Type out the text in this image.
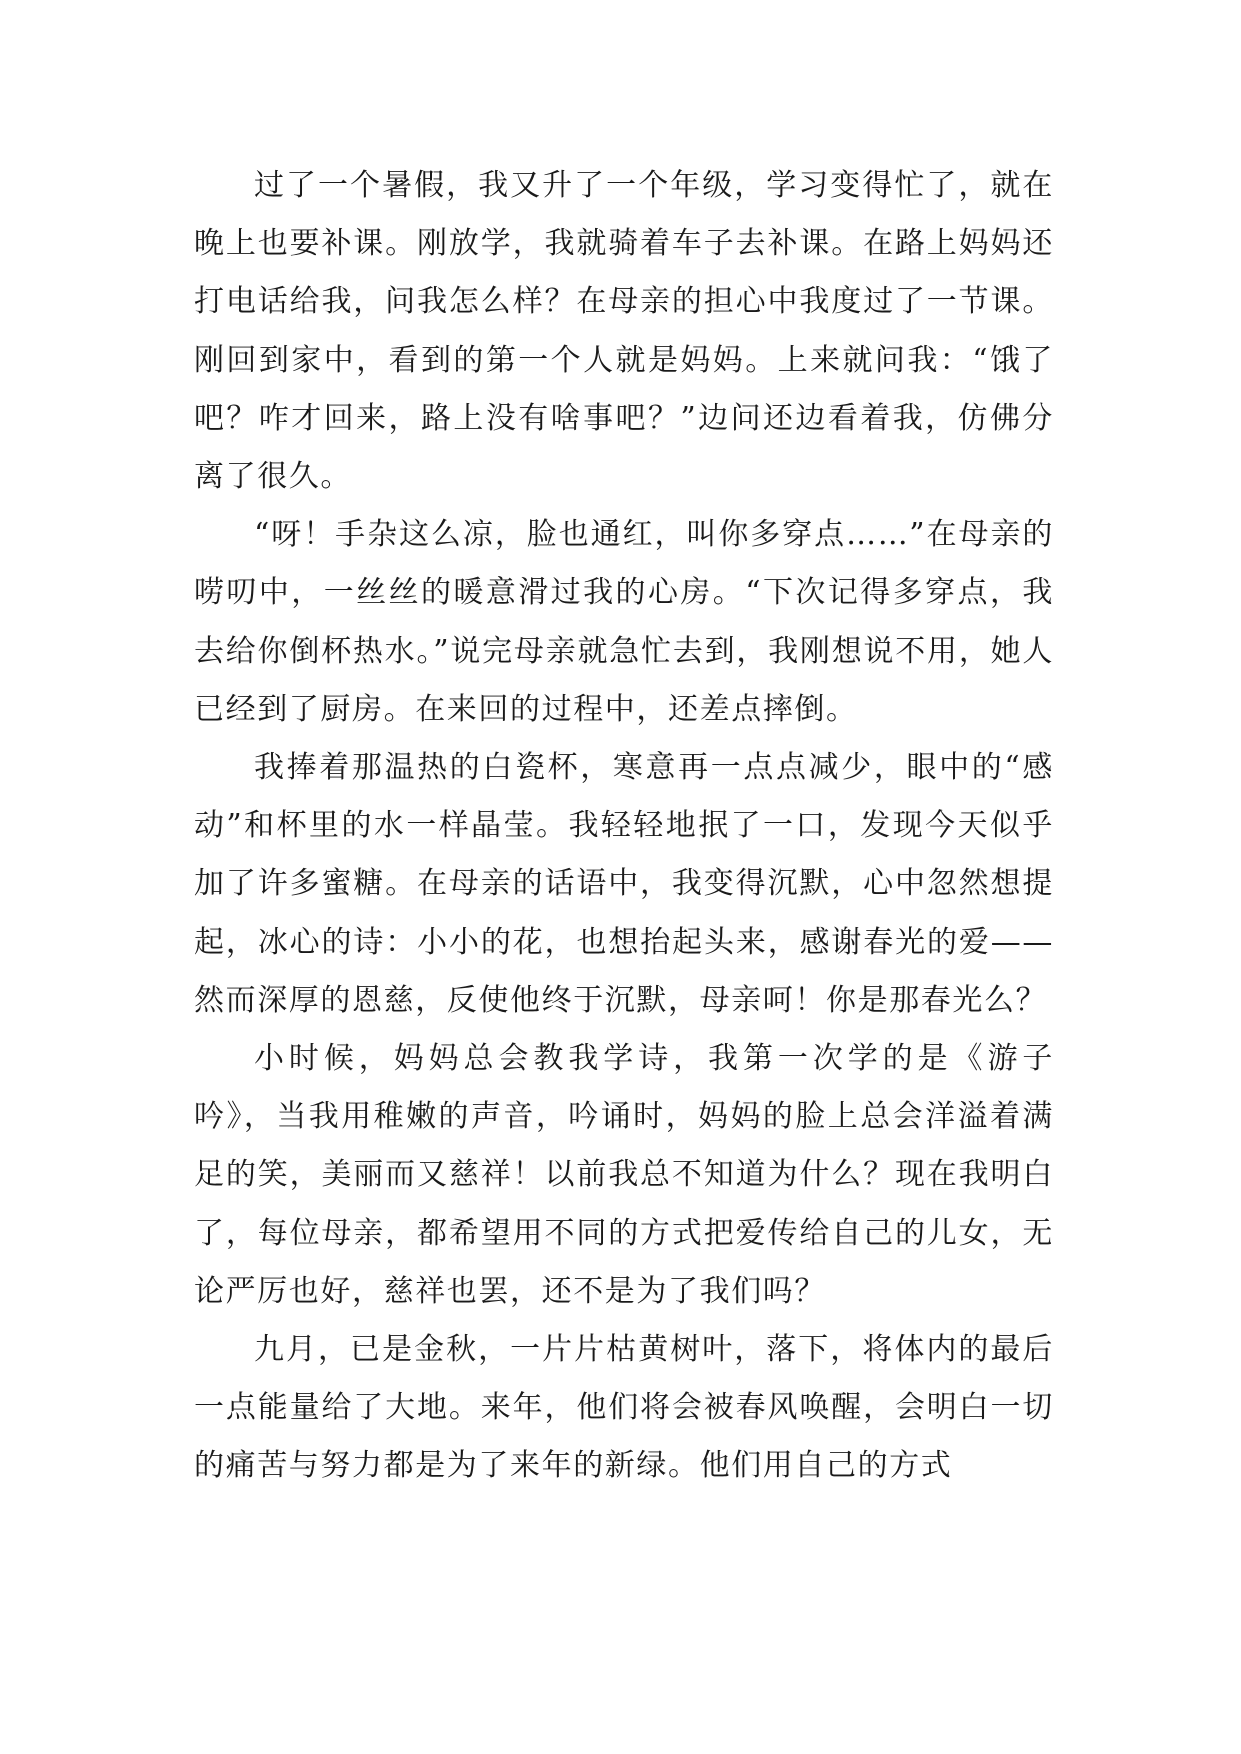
过了一个暑假，我又升了一个年级，学习变得忙了，就在晚上也要补课。刚放学，我就骑着车子去补课。在路上妈妈还打电话给我，问我怎么样？在母亲的担心中我度过了一节课。刚回到家中，看到的第一个人就是妈妈。上来就问我：“饿了吧？咋才回来，路上没有啥事吧？”边问还边看着我，仿佛分离了很久。

“呀！手杂这么凉，脸也通红，叫你多穿点……”在母亲的唠叨中，一丝丝的暖意滑过我的心房。“下次记得多穿点，我去给你倒杯热水。”说完母亲就急忙去到，我刚想说不用，她人已经到了厨房。在来回的过程中，还差点摔倒。

我捧着那温热的白瓷杯，寒意再一点点减少，眼中的“感动”和杯里的水一样晶莹。我轻轻地抿了一口，发现今天似乎加了许多蜜糖。在母亲的话语中，我变得沉默，心中忽然想提起，冰心的诗：小小的花，也想抬起头来，感谢春光的爱——然而深厚的恩慈，反使他终于沉默，母亲呵！你是那春光么？

小时候，妈妈总会教我学诗，我第一次学的是《游子吟》，当我用稚嫩的声音，吟诵时，妈妈的脸上总会洋溢着满足的笑，美丽而又慈祥！以前我总不知道为什么？现在我明白了，每位母亲，都希望用不同的方式把爱传给自己的儿女，无论严厉也好，慈祥也罢，还不是为了我们吗？

九月，已是金秋，一片片枯黄树叶，落下，将体内的最后一点能量给了大地。来年，他们将会被春风唤醒，会明白一切的痛苦与努力都是为了来年的新绿。他们用自己的方式
